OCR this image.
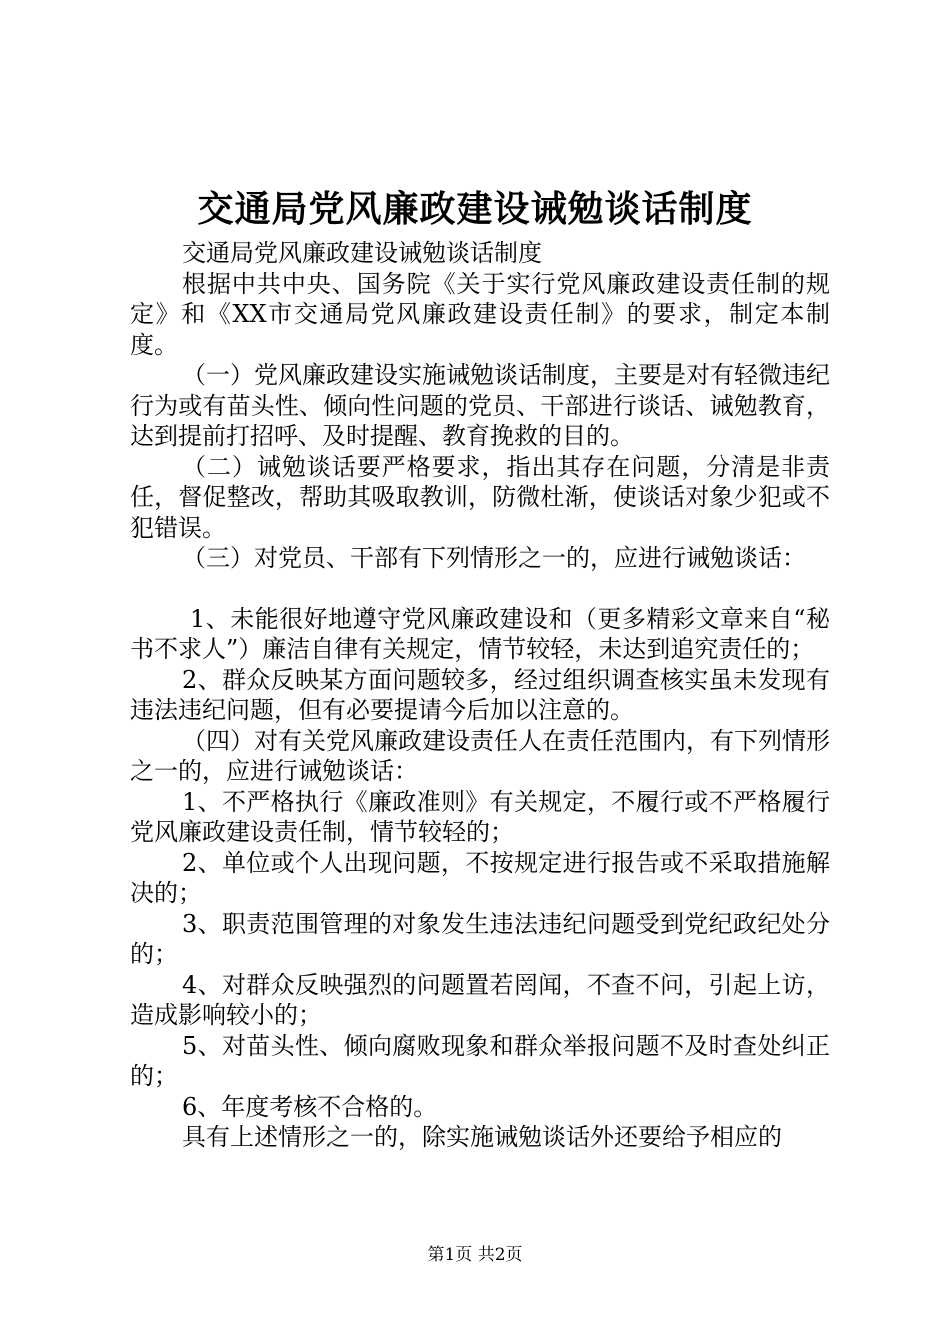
交通局党风廉政建设诫勉谈话制度

交通局党风廉政建设诫勉谈话制度

根据中共中央、国务院《关于实行党风廉政建设责任制的规定》和《XX市交通局党风廉政建设责任制》的要求，制定本制度。

（一）党风廉政建设实施诫勉谈话制度，主要是对有轻微违纪行为或有苗头性、倾向性问题的党员、干部进行谈话、诫勉教育，达到提前打招呼、及时提醒、教育挽救的目的。

（二）诫勉谈话要严格要求，指出其存在问题，分清是非责任，督促整改，帮助其吸取教训，防微杜渐，使谈话对象少犯或不犯错误。

（三）对党员、干部有下列情形之一的，应进行诫勉谈话：

1、未能很好地遵守党风廉政建设和（更多精彩文章来自“秘书不求人”）廉洁自律有关规定，情节较轻，未达到追究责任的；

2、群众反映某方面问题较多，经过组织调查核实虽未发现有违法违纪问题，但有必要提请今后加以注意的。

（四）对有关党风廉政建设责任人在责任范围内，有下列情形之一的，应进行诫勉谈话：

1、不严格执行《廉政准则》有关规定，不履行或不严格履行党风廉政建设责任制，情节较轻的；

2、单位或个人出现问题，不按规定进行报告或不采取措施解决的；

3、职责范围管理的对象发生违法违纪问题受到党纪政纪处分的；

4、对群众反映强烈的问题置若罔闻，不查不问，引起上访，造成影响较小的；

5、对苗头性、倾向腐败现象和群众举报问题不及时查处纠正的；

6、年度考核不合格的。

具有上述情形之一的，除实施诫勉谈话外还要给予相应的

第1页 共2页
